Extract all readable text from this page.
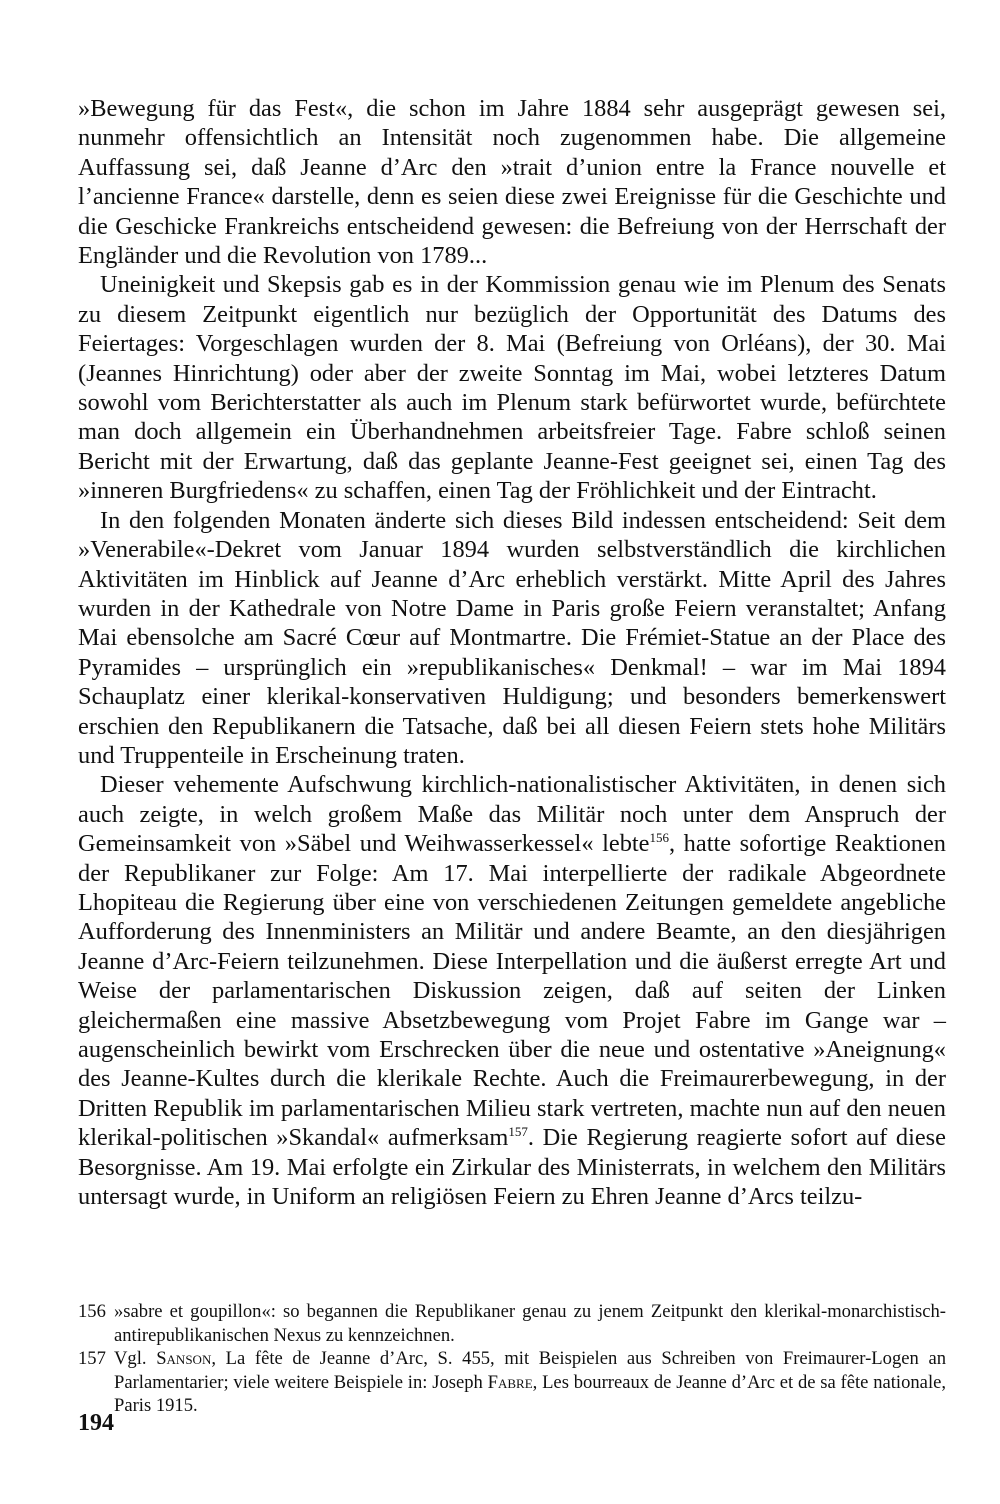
»Bewegung für das Fest«, die schon im Jahre 1884 sehr ausgeprägt gewesen sei, nunmehr offensichtlich an Intensität noch zugenommen habe. Die allgemeine Auffassung sei, daß Jeanne d’Arc den »trait d’union entre la France nouvelle et l’ancienne France« darstelle, denn es seien diese zwei Ereignisse für die Geschichte und die Geschicke Frankreichs entscheidend gewesen: die Befreiung von der Herrschaft der Engländer und die Revolution von 1789...

Uneinigkeit und Skepsis gab es in der Kommission genau wie im Plenum des Senats zu diesem Zeitpunkt eigentlich nur bezüglich der Opportunität des Datums des Feiertages: Vorgeschlagen wurden der 8. Mai (Befreiung von Orléans), der 30. Mai (Jeannes Hinrichtung) oder aber der zweite Sonntag im Mai, wobei letzteres Datum sowohl vom Berichterstatter als auch im Plenum stark befürwortet wurde, befürchtete man doch allgemein ein Überhandnehmen arbeitsfreier Tage. Fabre schloß seinen Bericht mit der Erwartung, daß das geplante Jeanne-Fest geeignet sei, einen Tag des »inneren Burgfriedens« zu schaffen, einen Tag der Fröhlichkeit und der Eintracht.

In den folgenden Monaten änderte sich dieses Bild indessen entscheidend: Seit dem »Venerabile«-Dekret vom Januar 1894 wurden selbstverständlich die kirchlichen Aktivitäten im Hinblick auf Jeanne d’Arc erheblich verstärkt. Mitte April des Jahres wurden in der Kathedrale von Notre Dame in Paris große Feiern veranstaltet; Anfang Mai ebensolche am Sacré Cœur auf Montmartre. Die Frémiet-Statue an der Place des Pyramides – ursprünglich ein »republikanisches« Denkmal! – war im Mai 1894 Schauplatz einer klerikal-konservativen Huldigung; und besonders bemerkenswert erschien den Republikanern die Tatsache, daß bei all diesen Feiern stets hohe Militärs und Truppenteile in Erscheinung traten.

Dieser vehemente Aufschwung kirchlich-nationalistischer Aktivitäten, in denen sich auch zeigte, in welch großem Maße das Militär noch unter dem Anspruch der Gemeinsamkeit von »Säbel und Weihwasserkessel« lebte$^{156}$, hatte sofortige Reaktionen der Republikaner zur Folge: Am 17. Mai interpellierte der radikale Abgeordnete Lhopiteau die Regierung über eine von verschiedenen Zeitungen gemeldete angebliche Aufforderung des Innenministers an Militär und andere Beamte, an den diesjährigen Jeanne d’Arc-Feiern teilzunehmen. Diese Interpellation und die äußerst erregte Art und Weise der parlamentarischen Diskussion zeigen, daß auf seiten der Linken gleichermaßen eine massive Absetzbewegung vom Projet Fabre im Gange war – augenscheinlich bewirkt vom Erschrecken über die neue und ostentative »Aneignung« des Jeanne-Kultes durch die klerikale Rechte. Auch die Freimaurerbewegung, in der Dritten Republik im parlamentarischen Milieu stark vertreten, machte nun auf den neuen klerikal-politischen »Skandal« aufmerksam$^{157}$. Die Regierung reagierte sofort auf diese Besorgnisse. Am 19. Mai erfolgte ein Zirkular des Ministerrats, in welchem den Militärs untersagt wurde, in Uniform an religiösen Feiern zu Ehren Jeanne d’Arcs teilzu-

156 »sabre et goupillon«: so begannen die Republikaner genau zu jenem Zeitpunkt den klerikal-monarchistisch-antirepublikanischen Nexus zu kennzeichnen.
157 Vgl. Sanson, La fête de Jeanne d’Arc, S. 455, mit Beispielen aus Schreiben von Freimaurer-Logen an Parlamentarier; viele weitere Beispiele in: Joseph Fabre, Les bourreaux de Jeanne d’Arc et de sa fête nationale, Paris 1915.
194
